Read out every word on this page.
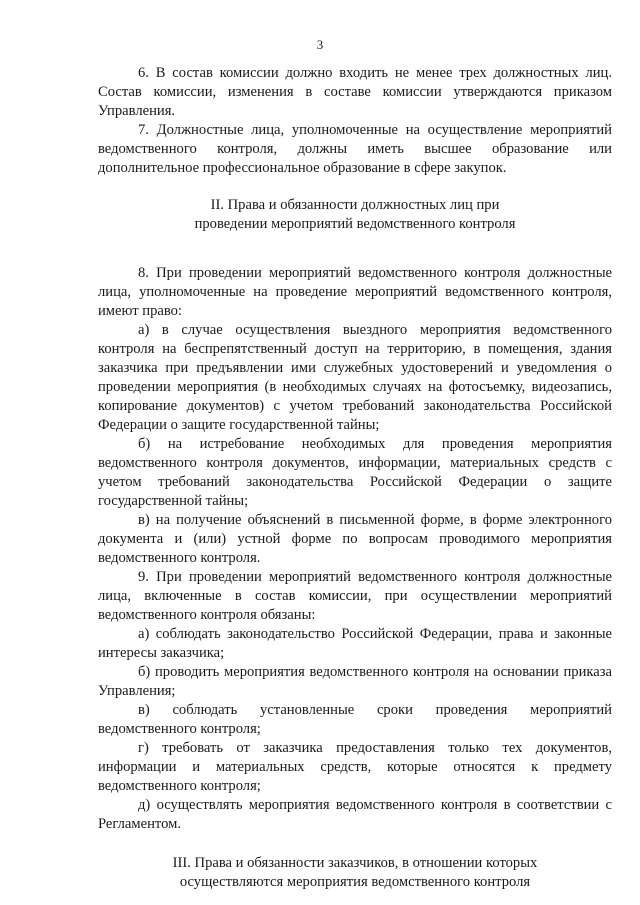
3

6. В состав комиссии должно входить не менее трех должностных лиц. Состав комиссии, изменения в составе комиссии утверждаются приказом Управления.

7. Должностные лица, уполномоченные на осуществление мероприятий ведомственного контроля, должны иметь высшее образование или дополнительное профессиональное образование в сфере закупок.

II. Права и обязанности должностных лиц при
проведении мероприятий ведомственного контроля

8. При проведении мероприятий ведомственного контроля должностные лица, уполномоченные на проведение мероприятий ведомственного контроля, имеют право:

а) в случае осуществления выездного мероприятия ведомственного контроля на беспрепятственный доступ на территорию, в помещения, здания заказчика при предъявлении ими служебных удостоверений и уведомления о проведении мероприятия (в необходимых случаях на фотосъемку, видеозапись, копирование документов) с учетом требований законодательства Российской Федерации о защите государственной тайны;

б) на истребование необходимых для проведения мероприятия ведомственного контроля документов, информации, материальных средств с учетом требований законодательства Российской Федерации о защите государственной тайны;

в) на получение объяснений в письменной форме, в форме электронного документа и (или) устной форме по вопросам проводимого мероприятия ведомственного контроля.

9. При проведении мероприятий ведомственного контроля должностные лица, включенные в состав комиссии, при осуществлении мероприятий ведомственного контроля обязаны:

а) соблюдать законодательство Российской Федерации, права и законные интересы заказчика;

б) проводить мероприятия ведомственного контроля на основании приказа Управления;

в) соблюдать установленные сроки проведения мероприятий ведомственного контроля;

г) требовать от заказчика предоставления только тех документов, информации и материальных средств, которые относятся к предмету ведомственного контроля;

д) осуществлять мероприятия ведомственного контроля в соответствии с Регламентом.

III. Права и обязанности заказчиков, в отношении которых
осуществляются мероприятия ведомственного контроля
